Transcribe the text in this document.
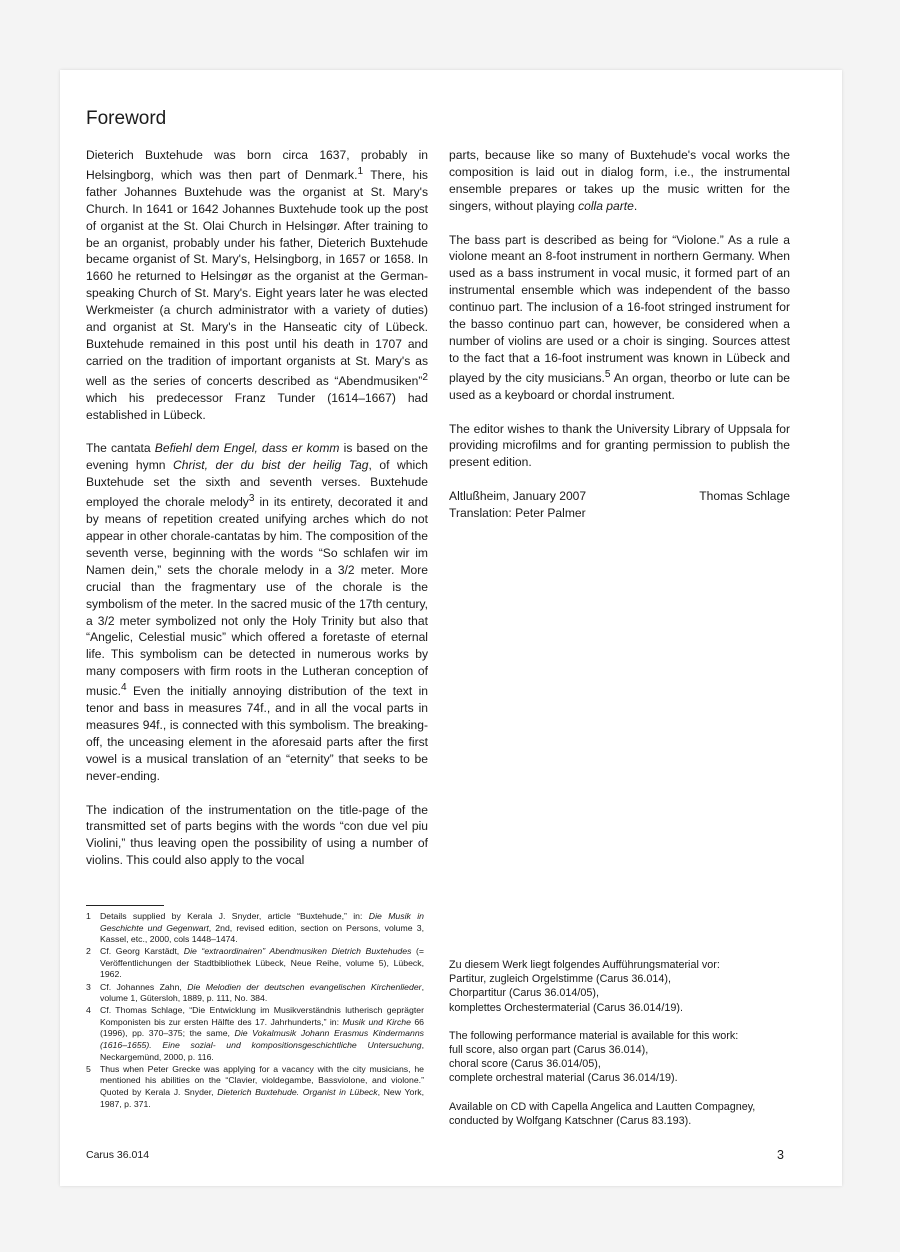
Foreword

Dieterich Buxtehude was born circa 1637, probably in Helsingborg, which was then part of Denmark.$^1$ There, his father Johannes Buxtehude was the organist at St. Mary's Church. In 1641 or 1642 Johannes Buxtehude took up the post of organist at the St. Olai Church in Helsingør. After training to be an organist, probably under his father, Dieterich Buxtehude became organist of St. Mary's, Helsingborg, in 1657 or 1658. In 1660 he returned to Helsingør as the organist at the German-speaking Church of St. Mary's. Eight years later he was elected Werkmeister (a church administrator with a variety of duties) and organist at St. Mary's in the Hanseatic city of Lübeck. Buxtehude remained in this post until his death in 1707 and carried on the tradition of important organists at St. Mary's as well as the series of concerts described as “Abendmusiken”$^2$ which his predecessor Franz Tunder (1614–1667) had established in Lübeck.

The cantata Befiehl dem Engel, dass er komm is based on the evening hymn Christ, der du bist der heilig Tag, of which Buxtehude set the sixth and seventh verses. Buxtehude employed the chorale melody$^3$ in its entirety, decorated it and by means of repetition created unifying arches which do not appear in other chorale-cantatas by him. The composition of the seventh verse, beginning with the words “So schlafen wir im Namen dein,” sets the chorale melody in a 3/2 meter. More crucial than the fragmentary use of the chorale is the symbolism of the meter. In the sacred music of the 17th century, a 3/2 meter symbolized not only the Holy Trinity but also that “Angelic, Celestial music” which offered a foretaste of eternal life. This symbolism can be detected in numerous works by many composers with firm roots in the Lutheran conception of music.$^4$ Even the initially annoying distribution of the text in tenor and bass in measures 74f., and in all the vocal parts in measures 94f., is connected with this symbolism. The breaking-off, the unceasing element in the aforesaid parts after the first vowel is a musical translation of an “eternity” that seeks to be never-ending.

The indication of the instrumentation on the title-page of the transmitted set of parts begins with the words “con due vel piu Violini,” thus leaving open the possibility of using a number of violins. This could also apply to the vocal

parts, because like so many of Buxtehude's vocal works the composition is laid out in dialog form, i.e., the instrumental ensemble prepares or takes up the music written for the singers, without playing colla parte.

The bass part is described as being for “Violone.” As a rule a violone meant an 8-foot instrument in northern Germany. When used as a bass instrument in vocal music, it formed part of an instrumental ensemble which was independent of the basso continuo part. The inclusion of a 16-foot stringed instrument for the basso continuo part can, however, be considered when a number of violins are used or a choir is singing. Sources attest to the fact that a 16-foot instrument was known in Lübeck and played by the city musicians.$^5$ An organ, theorbo or lute can be used as a keyboard or chordal instrument.

The editor wishes to thank the University Library of Uppsala for providing microfilms and for granting permission to publish the present edition.

Altlußheim, January 2007	Thomas Schlage
Translation: Peter Palmer
1	Details supplied by Kerala J. Snyder, article “Buxtehude,” in: Die Musik in Geschichte und Gegenwart, 2nd, revised edition, section on Persons, volume 3, Kassel, etc., 2000, cols 1448–1474.
2	Cf. Georg Karstädt, Die “extraordinairen” Abendmusiken Dietrich Buxtehudes (= Veröffentlichungen der Stadtbibliothek Lübeck, Neue Reihe, volume 5), Lübeck, 1962.
3	Cf. Johannes Zahn, Die Melodien der deutschen evangelischen Kirchenlieder, volume 1, Gütersloh, 1889, p. 111, No. 384.
4	Cf. Thomas Schlage, “Die Entwicklung im Musikverständnis lutherisch geprägter Komponisten bis zur ersten Hälfte des 17. Jahrhunderts,” in: Musik und Kirche 66 (1996), pp. 370–375; the same, Die Vokalmusik Johann Erasmus Kindermanns (1616–1655). Eine sozial- und kompositionsgeschichtliche Untersuchung, Neckargemünd, 2000, p. 116.
5	Thus when Peter Grecke was applying for a vacancy with the city musicians, he mentioned his abilities on the “Clavier, violdegambe, Bassviolone, and violone.” Quoted by Kerala J. Snyder, Dieterich Buxtehude. Organist in Lübeck, New York, 1987, p. 371.

Zu diesem Werk liegt folgendes Aufführungsmaterial vor:
Partitur, zugleich Orgelstimme (Carus 36.014),
Chorpartitur (Carus 36.014/05),
komplettes Orchestermaterial (Carus 36.014/19).

The following performance material is available for this work:
full score, also organ part (Carus 36.014),
choral score (Carus 36.014/05),
complete orchestral material (Carus 36.014/19).

Available on CD with Capella Angelica and Lautten Compagney,
conducted by Wolfgang Katschner (Carus 83.193).

Carus 36.014	3
